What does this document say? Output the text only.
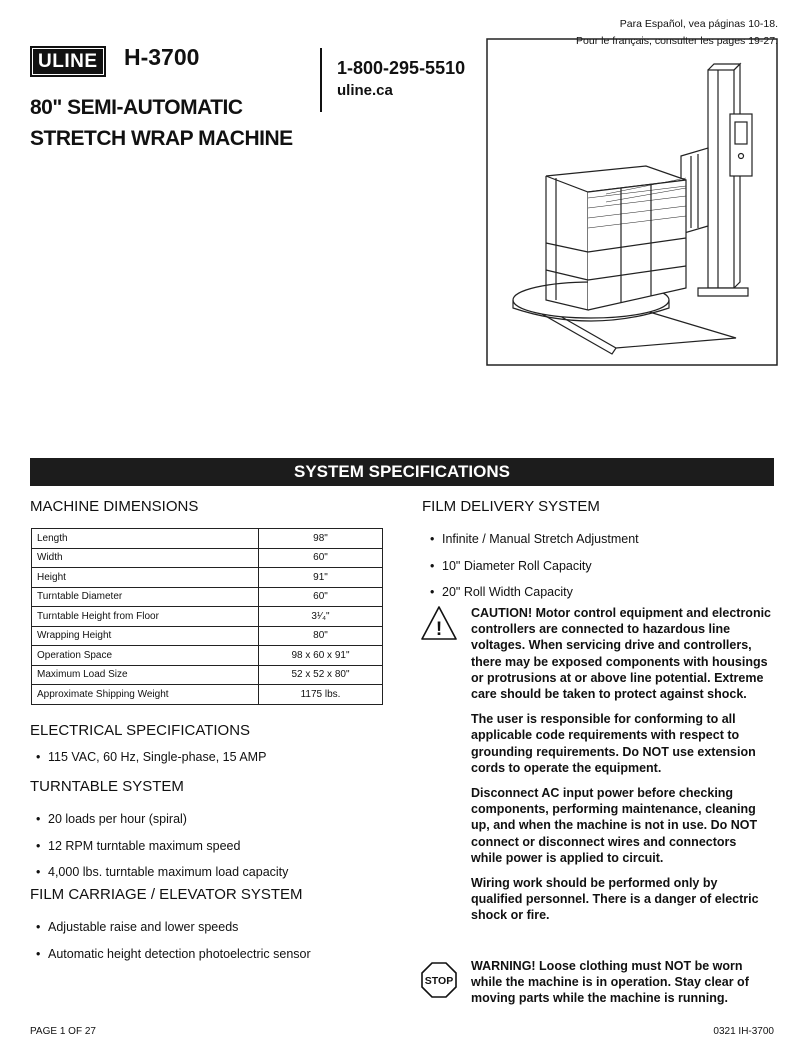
Para Español, vea páginas 10-18.
Pour le français, consulter les pages 19-27.
ULINE	H-3700
80" SEMI-AUTOMATIC
STRETCH WRAP MACHINE
1-800-295-5510
uline.ca
SYSTEM SPECIFICATIONS
MACHINE DIMENSIONS
Length	98"
Width	60"
Height	91"
Turntable Diameter	60"
Turntable Height from Floor	3¹⁄₄"
Wrapping Height	80"
Operation Space	98 x 60 x 91"
Maximum Load Size	52 x 52 x 80"
Approximate Shipping Weight	1175 lbs.
ELECTRICAL SPECIFICATIONS
• 115 VAC, 60 Hz, Single-phase, 15 AMP
TURNTABLE SYSTEM
• 20 loads per hour (spiral)
• 12 RPM turntable maximum speed
• 4,000 lbs. turntable maximum load capacity
FILM CARRIAGE / ELEVATOR SYSTEM
• Adjustable raise and lower speeds
• Automatic height detection photoelectric sensor
FILM DELIVERY SYSTEM
• Infinite / Manual Stretch Adjustment
• 10" Diameter Roll Capacity
• 20" Roll Width Capacity
!

CAUTION! Motor control equipment and electronic controllers are connected to hazardous line voltages. When servicing drive and controllers, there may be exposed components with housings or protrusions at or above line potential. Extreme care should be taken to protect against shock.

The user is responsible for conforming to all applicable code requirements with respect to grounding requirements. Do NOT use extension cords to operate the equipment.

Disconnect AC input power before checking components, performing maintenance, cleaning up, and when the machine is not in use. Do NOT connect or disconnect wires and connectors while power is applied to circuit.

Wiring work should be performed only by qualified personnel. There is a danger of electric shock or fire.

STOP
WARNING! Loose clothing must NOT be worn while the machine is in operation. Stay clear of moving parts while the machine is running.
PAGE 1 OF 27	0321 IH-3700
